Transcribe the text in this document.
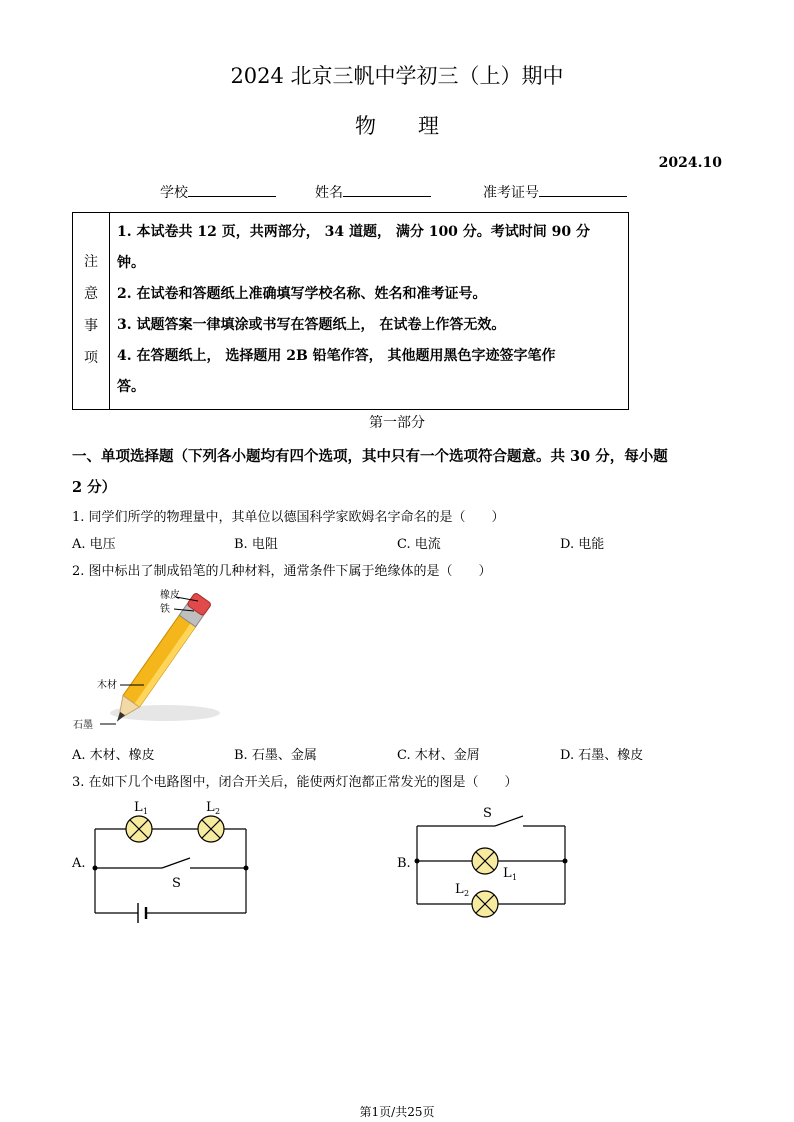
2024 北京三帆中学初三（上）期中
物　　理
2024.10
学校	姓名	准考证号
注
意
事
项
1. 本试卷共 12 页，共两部分， 34 道题， 满分 100 分。考试时间 90 分
钟。
2. 在试卷和答题纸上准确填写学校名称、姓名和准考证号。
3. 试题答案一律填涂或书写在答题纸上， 在试卷上作答无效。
4. 在答题纸上， 选择题用 2B 铅笔作答， 其他题用黑色字迹签字笔作
答。
第一部分
一、单项选择题（下列各小题均有四个选项，其中只有一个选项符合题意。共 30 分，每小题
2 分）
1. 同学们所学的物理量中，其单位以德国科学家欧姆名字命名的是（　　）
A. 电压	B. 电阻	C. 电流	D. 电能
2. 图中标出了制成铅笔的几种材料，通常条件下属于绝缘体的是（　　）
橡皮
铁
木材
石墨
A. 木材、橡皮	B. 石墨、金属	C. 木材、金屑	D. 石墨、橡皮
3. 在如下几个电路图中，闭合开关后，能使两灯泡都正常发光的图是（　　）
A.
L 1	L 2
S
B.
S
L 1
L 2
第1页/共25页
